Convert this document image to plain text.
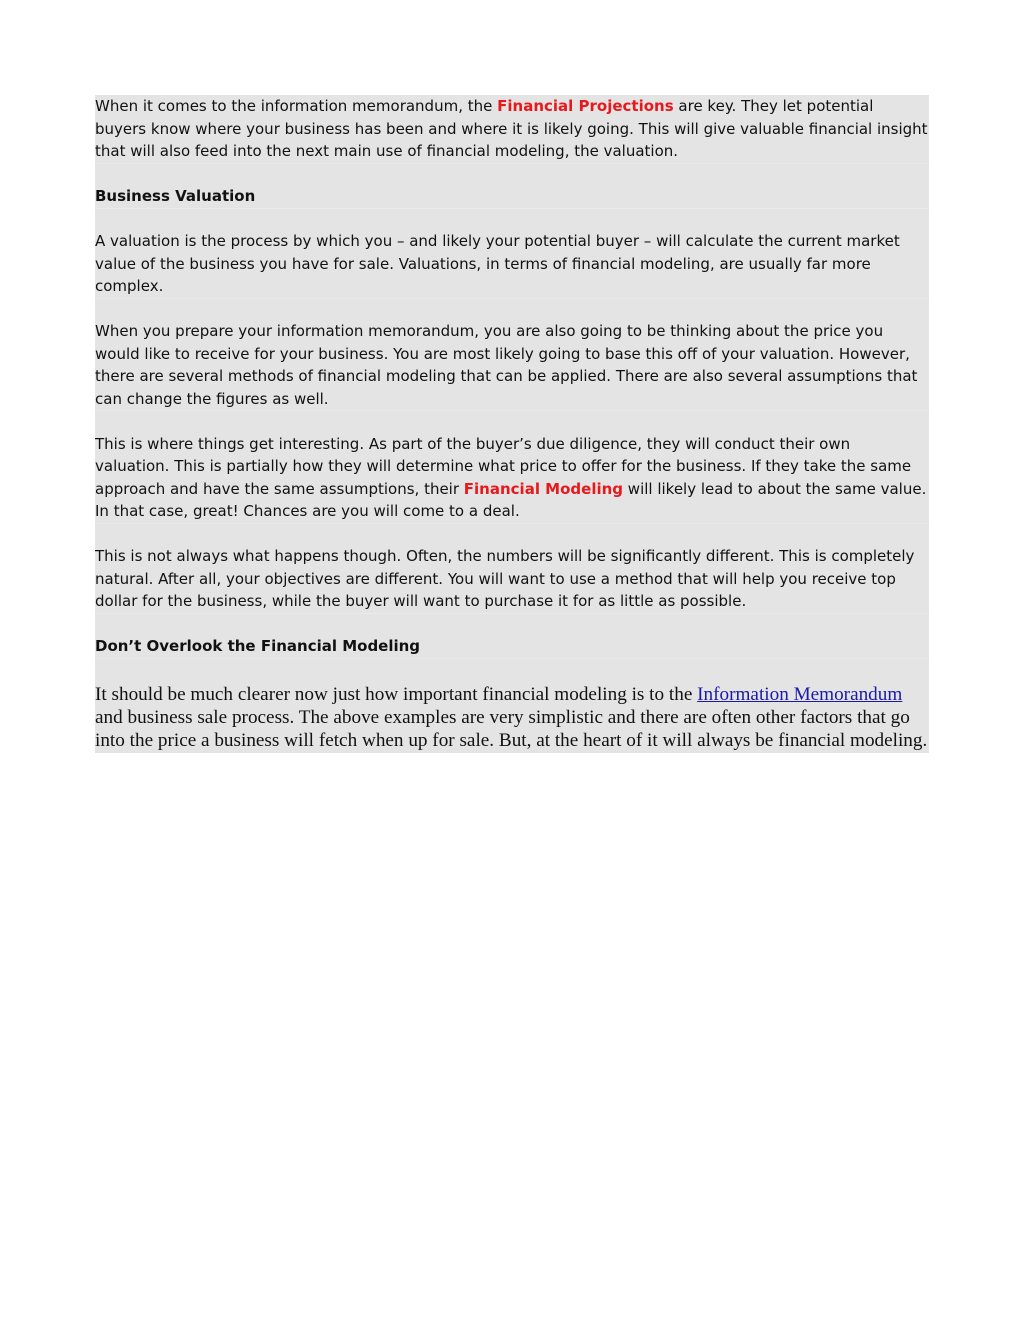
When it comes to the information memorandum, the Financial Projections are key. They let potential buyers know where your business has been and where it is likely going. This will give valuable financial insight that will also feed into the next main use of financial modeling, the valuation.

Business Valuation

A valuation is the process by which you – and likely your potential buyer – will calculate the current market value of the business you have for sale. Valuations, in terms of financial modeling, are usually far more complex.

When you prepare your information memorandum, you are also going to be thinking about the price you would like to receive for your business. You are most likely going to base this off of your valuation. However, there are several methods of financial modeling that can be applied. There are also several assumptions that can change the figures as well.

This is where things get interesting. As part of the buyer’s due diligence, they will conduct their own valuation. This is partially how they will determine what price to offer for the business. If they take the same approach and have the same assumptions, their Financial Modeling will likely lead to about the same value. In that case, great! Chances are you will come to a deal.

This is not always what happens though. Often, the numbers will be significantly different. This is completely natural. After all, your objectives are different. You will want to use a method that will help you receive top dollar for the business, while the buyer will want to purchase it for as little as possible.

Don’t Overlook the Financial Modeling

It should be much clearer now just how important financial modeling is to the Information Memorandum and business sale process. The above examples are very simplistic and there are often other factors that go into the price a business will fetch when up for sale. But, at the heart of it will always be financial modeling.
